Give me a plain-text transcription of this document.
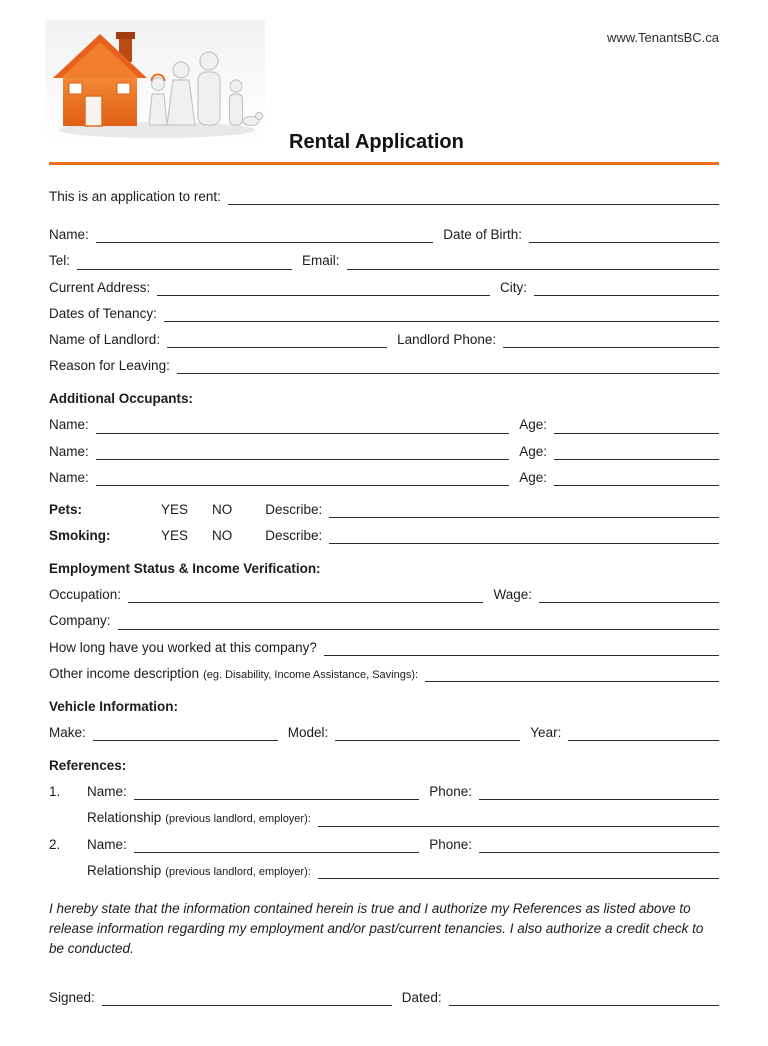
www.TenantsBC.ca
Rental Application
This is an application to rent:
Name:	Date of Birth:
Tel:	Email:
Current Address:	City:
Dates of Tenancy:
Name of Landlord:	Landlord Phone:
Reason for Leaving:
Additional Occupants:
Name:	Age:
Name:	Age:
Name:	Age:
Pets:	YES NO Describe:
Smoking:	YES NO Describe:
Employment Status & Income Verification:
Occupation:	Wage:
Company:
How long have you worked at this company?
Other income description (eg. Disability, Income Assistance, Savings):
Vehicle Information:
Make:	Model:	Year:
References:
1.	Name:	Phone:
Relationship (previous landlord, employer):
2.	Name:	Phone:
Relationship (previous landlord, employer):

I hereby state that the information contained herein is true and I authorize my References as listed above to release information regarding my employment and/or past/current tenancies. I also authorize a credit check to be conducted.

Signed:	Dated:
